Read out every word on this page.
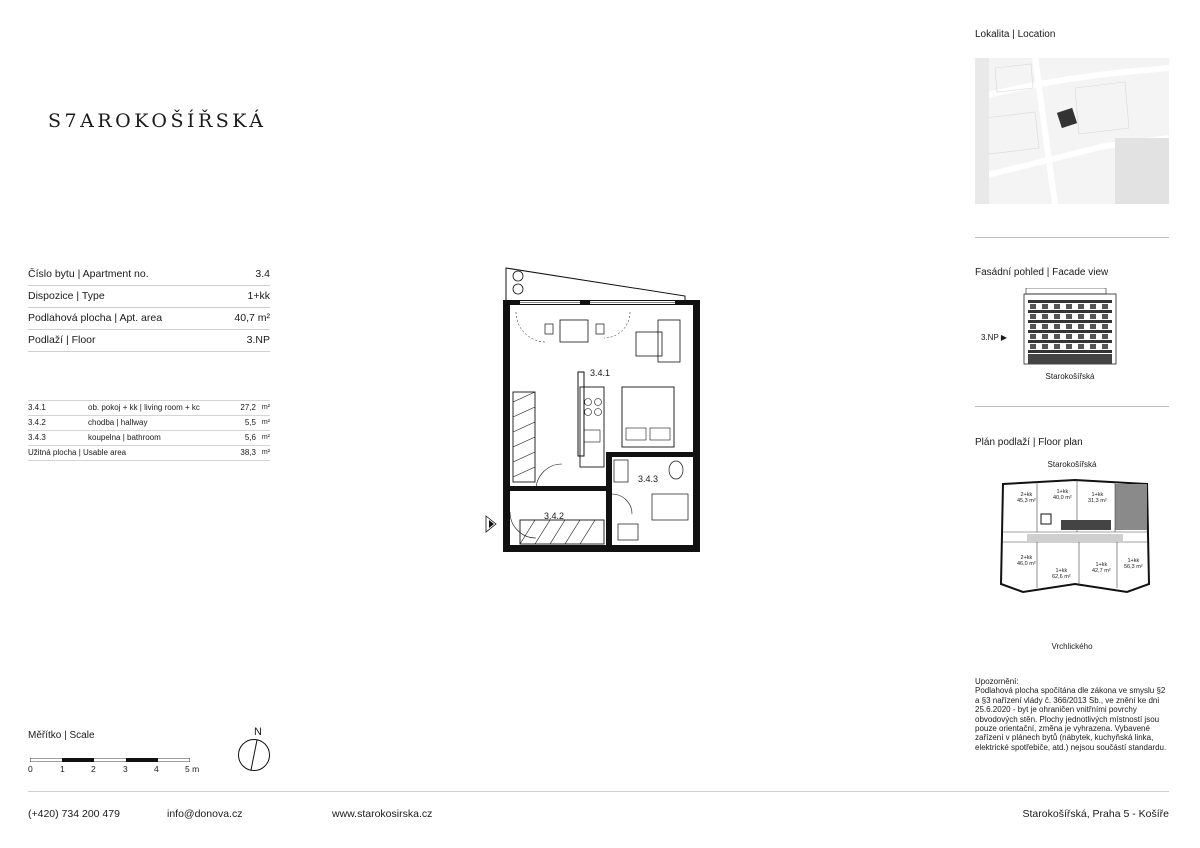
S7AROKOŠÍŘSKÁ
Číslo bytu | Apartment no.	3.4
Dispozice | Type	1+kk
Podlahová plocha | Apt. area	40,7 m²
Podlaží | Floor	3.NP
3.4.1	ob. pokoj + kk | living room + kc	27,2 m²
3.4.2	chodba | hallway	5,5 m²
3.4.3	koupelna | bathroom	5,6 m²
Užitná plocha | Usable area	38,3 m²
3.4.1
3.4.2
3.4.3
Měřítko | Scale
0	1	2	3	4	5 m
N
Lokalita | Location
Fasádní pohled | Facade view
3.NP ▶
Starokošířská
Plán podlaží | Floor plan
Starokošířská
2+kk
45,3 m²
1+kk
40,0 m²	1+kk
31,3 m²
2+kk
46,0 m²
1+kk
62,6 m²
1+kk
42,7 m²
1+kk
56,3 m²
Vrchlického
Upozornění:
Podlahová plocha spočítána dle zákona ve smyslu §2 a §3 nařízení vlády č. 366/2013 Sb., ve znění ke dni 25.6.2020 - byt je ohraničen vnitřními povrchy obvodových stěn. Plochy jednotlivých místností jsou pouze orientační, změna je vyhrazena. Vybavené zařízení v plánech bytů (nábytek, kuchyňská linka, elektrické spotřebiče, atd.) nejsou součástí standardu.
(+420) 734 200 479	info@donova.cz	www.starokosirska.cz	Starokošířská, Praha 5 - Košíře
